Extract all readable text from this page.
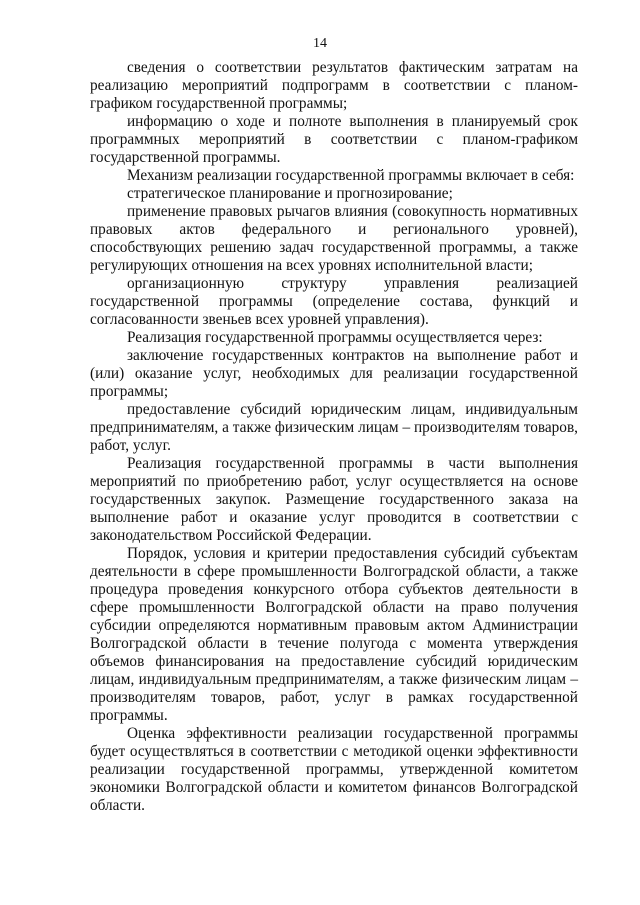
14

сведения о соответствии результатов фактическим затратам на реализацию мероприятий подпрограмм в соответствии с планом-графиком государственной программы;

информацию о ходе и полноте выполнения в планируемый срок программных мероприятий в соответствии с планом-графиком государственной программы.

Механизм реализации государственной программы включает в себя:

стратегическое планирование и прогнозирование;

применение правовых рычагов влияния (совокупность нормативных правовых актов федерального и регионального уровней), способствующих решению задач государственной программы, а также регулирующих отношения на всех уровнях исполнительной власти;

организационную структуру управления реализацией государственной программы (определение состава, функций и согласованности звеньев всех уровней управления).

Реализация государственной программы осуществляется через:

заключение государственных контрактов на выполнение работ и (или) оказание услуг, необходимых для реализации государственной программы;

предоставление субсидий юридическим лицам, индивидуальным предпринимателям, а также физическим лицам – производителям товаров, работ, услуг.

Реализация государственной программы в части выполнения мероприятий по приобретению работ, услуг осуществляется на основе государственных закупок. Размещение государственного заказа на выполнение работ и оказание услуг проводится в соответствии с законодательством Российской Федерации.

Порядок, условия и критерии предоставления субсидий субъектам деятельности в сфере промышленности Волгоградской области, а также процедура проведения конкурсного отбора субъектов деятельности в сфере промышленности Волгоградской области на право получения субсидии определяются нормативным правовым актом Администрации Волгоградской области в течение полугода с момента утверждения объемов финансирования на предоставление субсидий юридическим лицам, индивидуальным предпринимателям, а также физическим лицам – производителям товаров, работ, услуг в рамках государственной программы.

Оценка эффективности реализации государственной программы будет осуществляться в соответствии с методикой оценки эффективности реализации государственной программы, утвержденной комитетом экономики Волгоградской области и комитетом финансов Волгоградской области.
